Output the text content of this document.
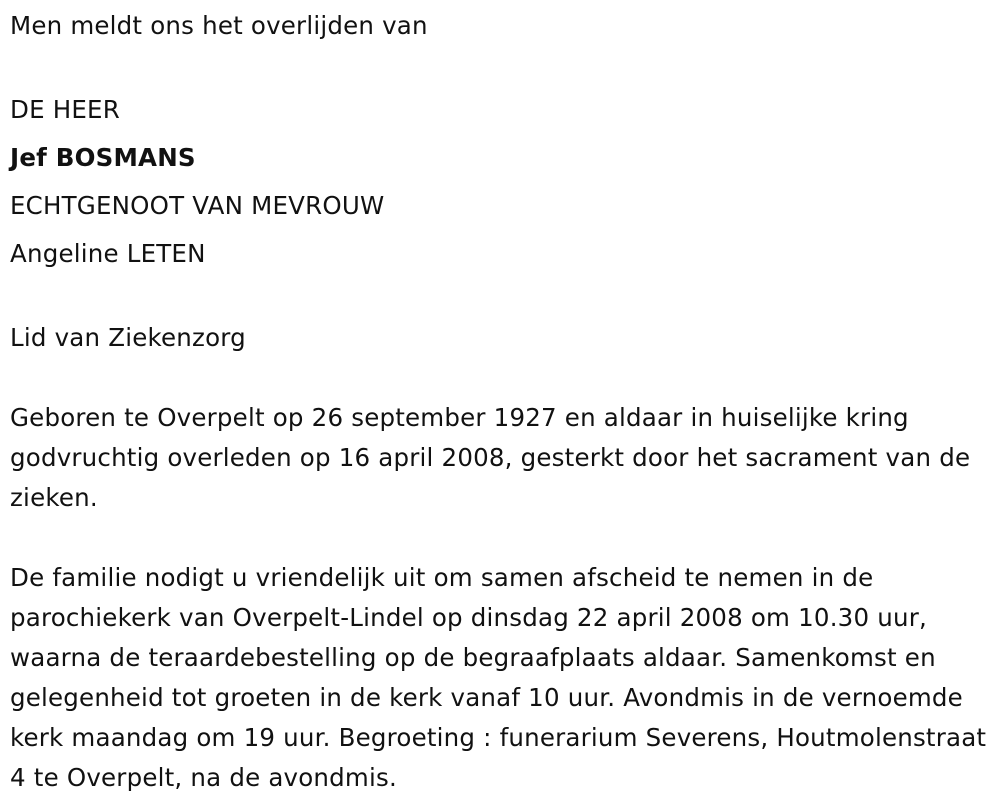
Men meldt ons het overlijden van

DE HEER
Jef BOSMANS
ECHTGENOOT VAN MEVROUW
Angeline LETEN

Lid van Ziekenzorg

Geboren te Overpelt op 26 september 1927 en aldaar in huiselijke kring godvruchtig overleden op 16 april 2008, gesterkt door het sacrament van de zieken.

De familie nodigt u vriendelijk uit om samen afscheid te nemen in de parochiekerk van Overpelt-Lindel op dinsdag 22 april 2008 om 10.30 uur, waarna de teraardebestelling op de begraafplaats aldaar. Samenkomst en gelegenheid tot groeten in de kerk vanaf 10 uur. Avondmis in de vernoemde kerk maandag om 19 uur. Begroeting : funerarium Severens, Houtmolenstraat 4 te Overpelt, na de avondmis.
